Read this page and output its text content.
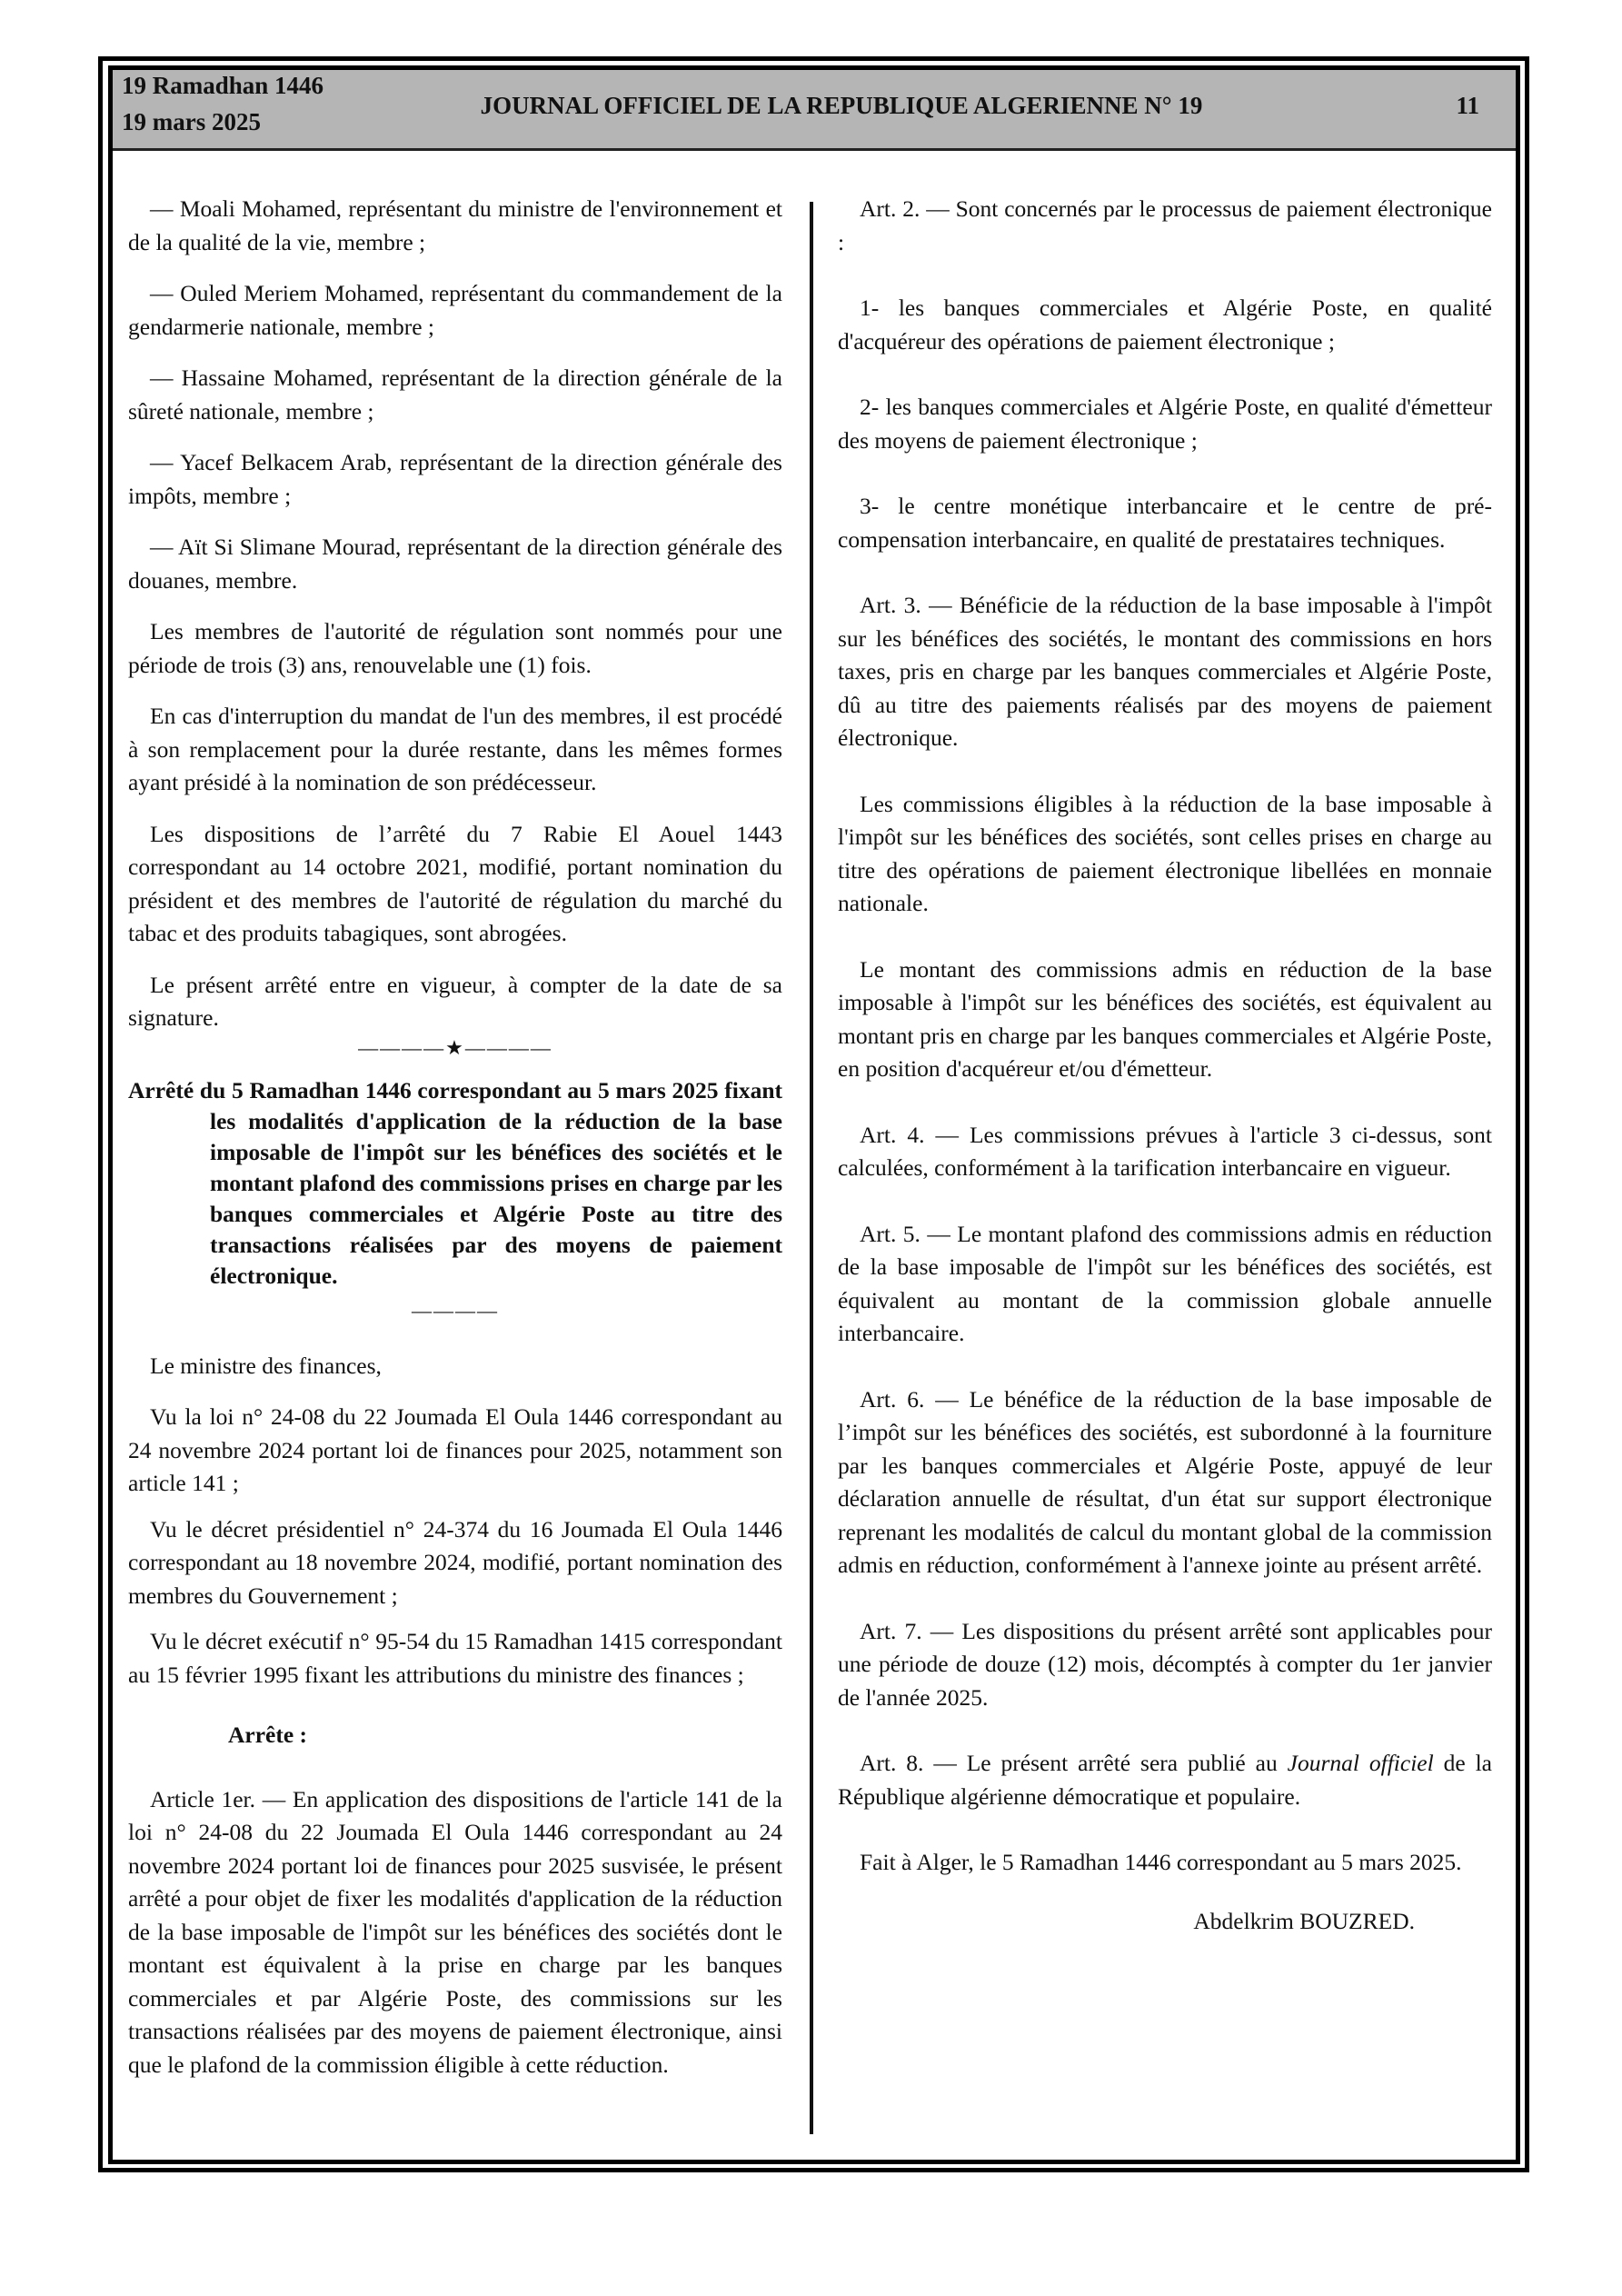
19 Ramadhan 1446
19 mars 2025
JOURNAL OFFICIEL DE LA REPUBLIQUE ALGERIENNE N° 19	11

— Moali Mohamed, représentant du ministre de l'environnement et de la qualité de la vie, membre ;

— Ouled Meriem Mohamed, représentant du commandement de la gendarmerie nationale, membre ;

— Hassaine Mohamed, représentant de la direction générale de la sûreté nationale, membre ;

— Yacef Belkacem Arab, représentant de la direction générale des impôts, membre ;

— Aït Si Slimane Mourad, représentant de la direction générale des douanes, membre.

Les membres de l'autorité de régulation sont nommés pour une période de trois (3) ans, renouvelable une (1) fois.

En cas d'interruption du mandat de l'un des membres, il est procédé à son remplacement pour la durée restante, dans les mêmes formes ayant présidé à la nomination de son prédécesseur.

Les dispositions de l’arrêté du 7 Rabie El Aouel 1443 correspondant au 14 octobre 2021, modifié, portant nomination du président et des membres de l'autorité de régulation du marché du tabac et des produits tabagiques, sont abrogées.

Le présent arrêté entre en vigueur, à compter de la date de sa signature.

————★————
Arrêté du 5 Ramadhan 1446 correspondant au 5 mars 2025 fixant les modalités d'application de la réduction de la base imposable de l'impôt sur les bénéfices des sociétés et le montant plafond des commissions prises en charge par les banques commerciales et Algérie Poste au titre des transactions réalisées par des moyens de paiement électronique.
————

Le ministre des finances,

Vu la loi n° 24-08 du 22 Joumada El Oula 1446 correspondant au 24 novembre 2024 portant loi de finances pour 2025, notamment son article 141 ;

Vu le décret présidentiel n° 24-374 du 16 Joumada El Oula 1446 correspondant au 18 novembre 2024, modifié, portant nomination des membres du Gouvernement ;

Vu le décret exécutif n° 95-54 du 15 Ramadhan 1415 correspondant au 15 février 1995 fixant les attributions du ministre des finances ;

Arrête :

Article 1er. — En application des dispositions de l'article 141 de la loi n° 24-08 du 22 Joumada El Oula 1446 correspondant au 24 novembre 2024 portant loi de finances pour 2025 susvisée, le présent arrêté a pour objet de fixer les modalités d'application de la réduction de la base imposable de l'impôt sur les bénéfices des sociétés dont le montant est équivalent à la prise en charge par les banques commerciales et par Algérie Poste, des commissions sur les transactions réalisées par des moyens de paiement électronique, ainsi que le plafond de la commission éligible à cette réduction.

Art. 2. — Sont concernés par le processus de paiement électronique :

1- les banques commerciales et Algérie Poste, en qualité d'acquéreur des opérations de paiement électronique ;

2- les banques commerciales et Algérie Poste, en qualité d'émetteur des moyens de paiement électronique ;

3- le centre monétique interbancaire et le centre de pré-compensation interbancaire, en qualité de prestataires techniques.

Art. 3. — Bénéficie de la réduction de la base imposable à l'impôt sur les bénéfices des sociétés, le montant des commissions en hors taxes, pris en charge par les banques commerciales et Algérie Poste, dû au titre des paiements réalisés par des moyens de paiement électronique.

Les commissions éligibles à la réduction de la base imposable à l'impôt sur les bénéfices des sociétés, sont celles prises en charge au titre des opérations de paiement électronique libellées en monnaie nationale.

Le montant des commissions admis en réduction de la base imposable à l'impôt sur les bénéfices des sociétés, est équivalent au montant pris en charge par les banques commerciales et Algérie Poste, en position d'acquéreur et/ou d'émetteur.

Art. 4. — Les commissions prévues à l'article 3 ci-dessus, sont calculées, conformément à la tarification interbancaire en vigueur.

Art. 5. — Le montant plafond des commissions admis en réduction de la base imposable de l'impôt sur les bénéfices des sociétés, est équivalent au montant de la commission globale annuelle interbancaire.

Art. 6. — Le bénéfice de la réduction de la base imposable de l’impôt sur les bénéfices des sociétés, est subordonné à la fourniture par les banques commerciales et Algérie Poste, appuyé de leur déclaration annuelle de résultat, d'un état sur support électronique reprenant les modalités de calcul du montant global de la commission admis en réduction, conformément à l'annexe jointe au présent arrêté.

Art. 7. — Les dispositions du présent arrêté sont applicables pour une période de douze (12) mois, décomptés à compter du 1er janvier de l'année 2025.

Art. 8. — Le présent arrêté sera publié au Journal officiel de la République algérienne démocratique et populaire.

Fait à Alger, le 5 Ramadhan 1446 correspondant au 5 mars 2025.

Abdelkrim BOUZRED.
